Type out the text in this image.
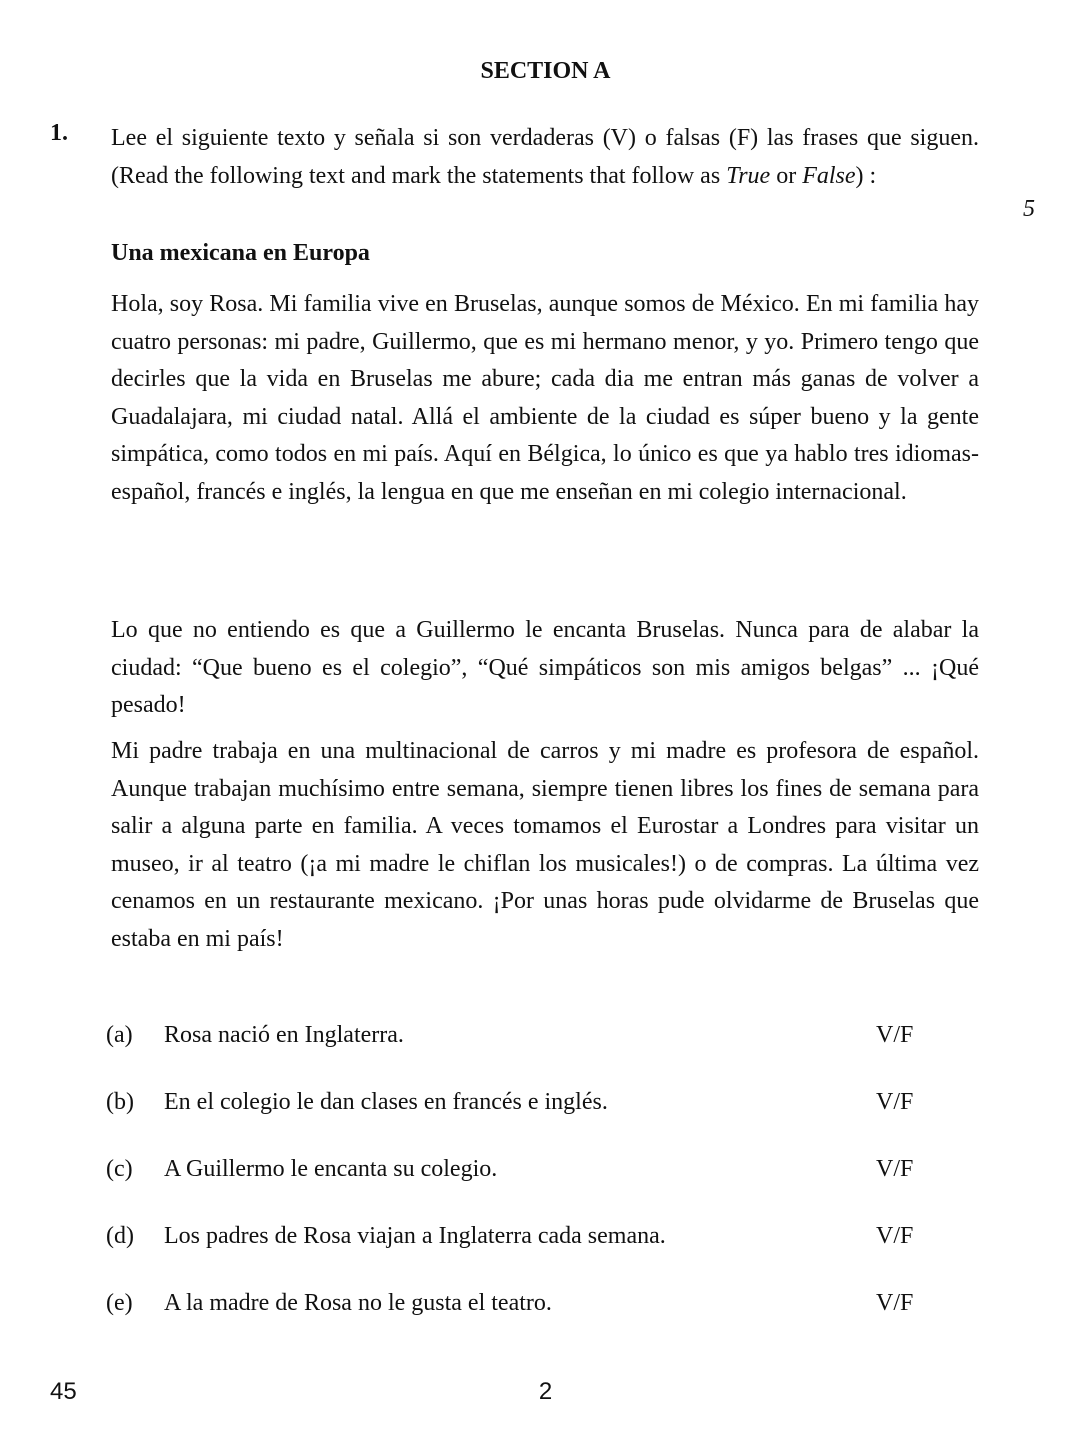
SECTION A
1. Lee el siguiente texto y señala si son verdaderas (V) o falsas (F) las frases que siguen. (Read the following text and mark the statements that follow as True or False) :
5
Una mexicana en Europa

Hola, soy Rosa. Mi familia vive en Bruselas, aunque somos de México. En mi familia hay cuatro personas: mi padre, Guillermo, que es mi hermano menor, y yo. Primero tengo que decirles que la vida en Bruselas me abure; cada dia me entran más ganas de volver a Guadalajara, mi ciudad natal. Allá el ambiente de la ciudad es súper bueno y la gente simpática, como todos en mi país. Aquí en Bélgica, lo único es que ya hablo tres idiomas-español, francés e inglés, la lengua en que me enseñan en mi colegio internacional.

Lo que no entiendo es que a Guillermo le encanta Bruselas. Nunca para de alabar la ciudad: “Que bueno es el colegio”, “Qué simpáticos son mis amigos belgas” ... ¡Qué pesado!

Mi padre trabaja en una multinacional de carros y mi madre es profesora de español. Aunque trabajan muchísimo entre semana, siempre tienen libres los fines de semana para salir a alguna parte en familia. A veces tomamos el Eurostar a Londres para visitar un museo, ir al teatro (¡a mi madre le chiflan los musicales!) o de compras. La última vez cenamos en un restaurante mexicano. ¡Por unas horas pude olvidarme de Bruselas que estaba en mi país!

(a)	Rosa nació en Inglaterra.	V/F
(b)	En el colegio le dan clases en francés e inglés.	V/F
(c)	A Guillermo le encanta su colegio.	V/F
(d)	Los padres de Rosa viajan a Inglaterra cada semana.	V/F
(e)	A la madre de Rosa no le gusta el teatro.	V/F
45	2
